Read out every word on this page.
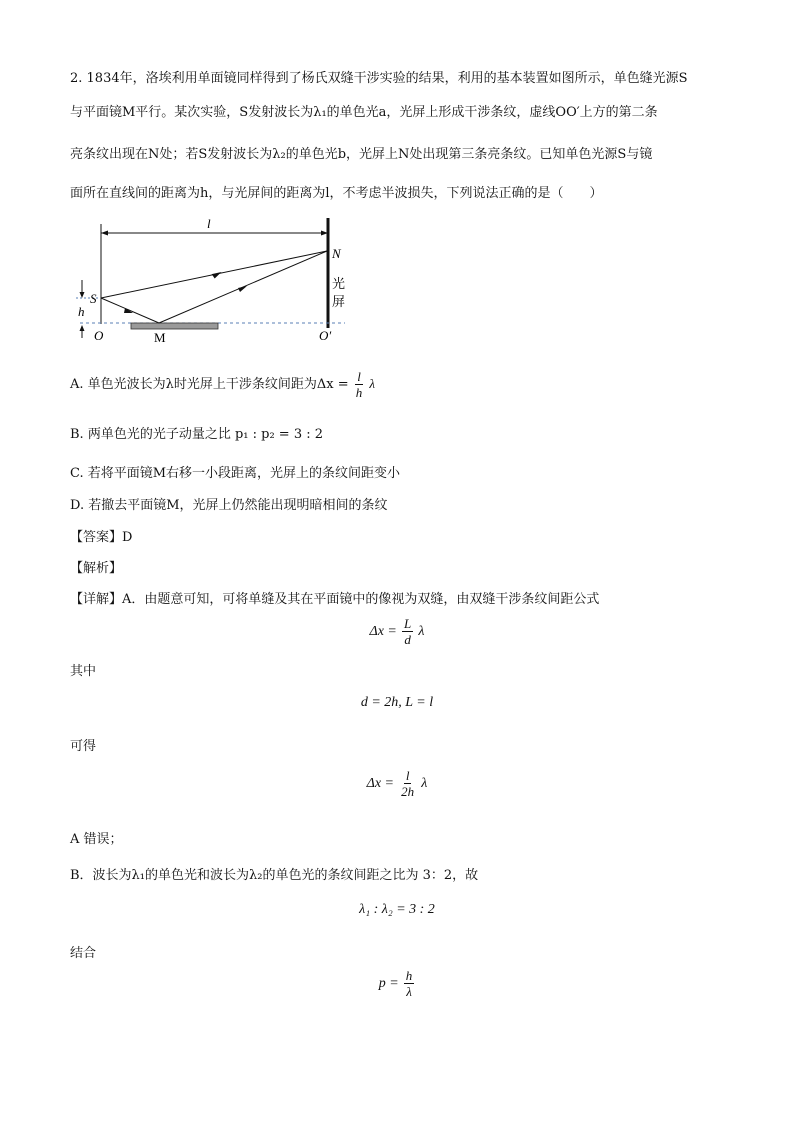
2. 1834年，洛埃利用单面镜同样得到了杨氏双缝干涉实验的结果，利用的基本装置如图所示，单色缝光源S
与平面镜M平行。某次实验，S发射波长为λ₁的单色光a，光屏上形成干涉条纹，虚线OO′上方的第二条
亮条纹出现在N处；若S发射波长为λ₂的单色光b，光屏上N处出现第三条亮条纹。已知单色光源S与镜
面所在直线间的距离为h，与光屏间的距离为l，不考虑半波损失，下列说法正确的是（　　）
l
h
S
N
O	M	O′
光
屏
A. 单色光波长为λ时光屏上干涉条纹间距为$\Delta x = \frac{l}{h}$ λ
B. 两单色光的光子动量之比 p₁ : p₂ = 3 : 2
C. 若将平面镜M右移一小段距离，光屏上的条纹间距变小
D. 若撤去平面镜M，光屏上仍然能出现明暗相间的条纹
【答案】D
【解析】
【详解】A．由题意可知，可将单缝及其在平面镜中的像视为双缝，由双缝干涉条纹间距公式
$\Delta x = \frac{L}{d}$ λ
其中
d = 2h, L = l
可得
$\Delta x = \frac{l}{2h}$ λ
A 错误；
B．波长为λ₁的单色光和波长为λ₂的单色光的条纹间距之比为 3：2，故
λ₁ : λ₂ = 3 : 2
结合
$p = \frac{h}{\lambda}$
